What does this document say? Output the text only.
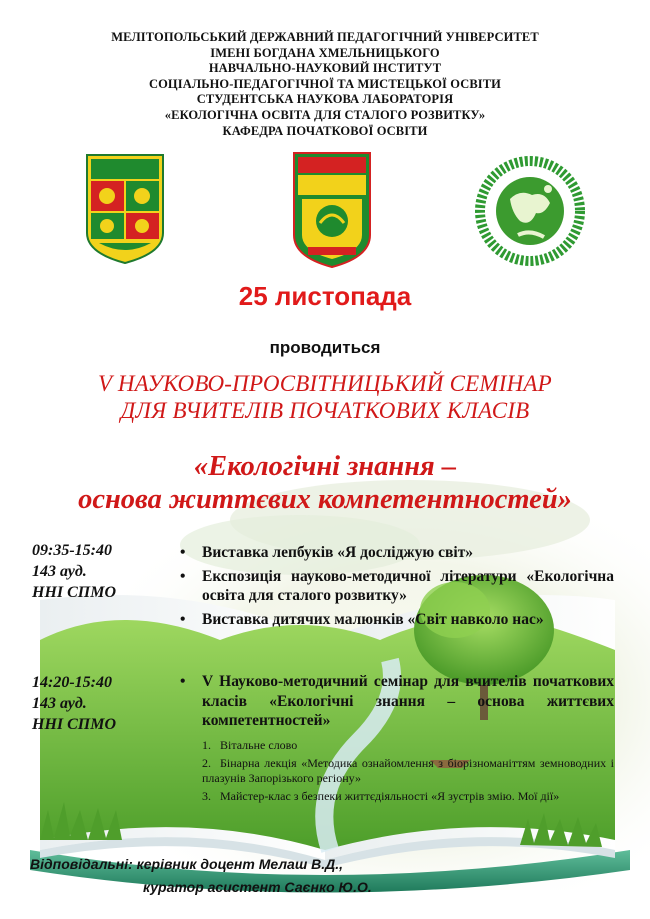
МЕЛІТОПОЛЬСЬКИЙ ДЕРЖАВНИЙ ПЕДАГОГІЧНИЙ УНІВЕРСИТЕТ
ІМЕНІ БОГДАНА ХМЕЛЬНИЦЬКОГО
НАВЧАЛЬНО-НАУКОВИЙ ІНСТИТУТ
СОЦІАЛЬНО-ПЕДАГОГІЧНОЇ ТА МИСТЕЦЬКОЇ ОСВІТИ
СТУДЕНТСЬКА НАУКОВА ЛАБОРАТОРІЯ
«ЕКОЛОГІЧНА ОСВІТА ДЛЯ СТАЛОГО РОЗВИТКУ»
КАФЕДРА ПОЧАТКОВОЇ ОСВІТИ
25 листопада
проводиться
V НАУКОВО-ПРОСВІТНИЦЬКИЙ СЕМІНАР
ДЛЯ ВЧИТЕЛІВ ПОЧАТКОВИХ КЛАСІВ
«Екологічні знання –
основа життєвих компетентностей»
09:35-15:40
143 ауд.
ННІ СПМО
• Виставка лепбуків «Я досліджую світ»
• Експозиція науково-методичної літератури «Екологічна освіта для сталого розвитку»
• Виставка дитячих малюнків «Світ навколо нас»
14:20-15:40
143 ауд.
ННІ СПМО
• V Науково-методичний семінар для вчителів початкових класів «Екологічні знання – основа життєвих компетентностей»
1. Вітальне слово
2. Бінарна лекція «Методика ознайомлення з біорізноманіттям земноводних і плазунів Запорізького регіону»
3. Майстер-клас з безпеки життєдіяльності «Я зустрів змію. Мої дії»
Відповідальні: керівник доцент Мелаш В.Д.,
куратор асистент Саєнко Ю.О.
